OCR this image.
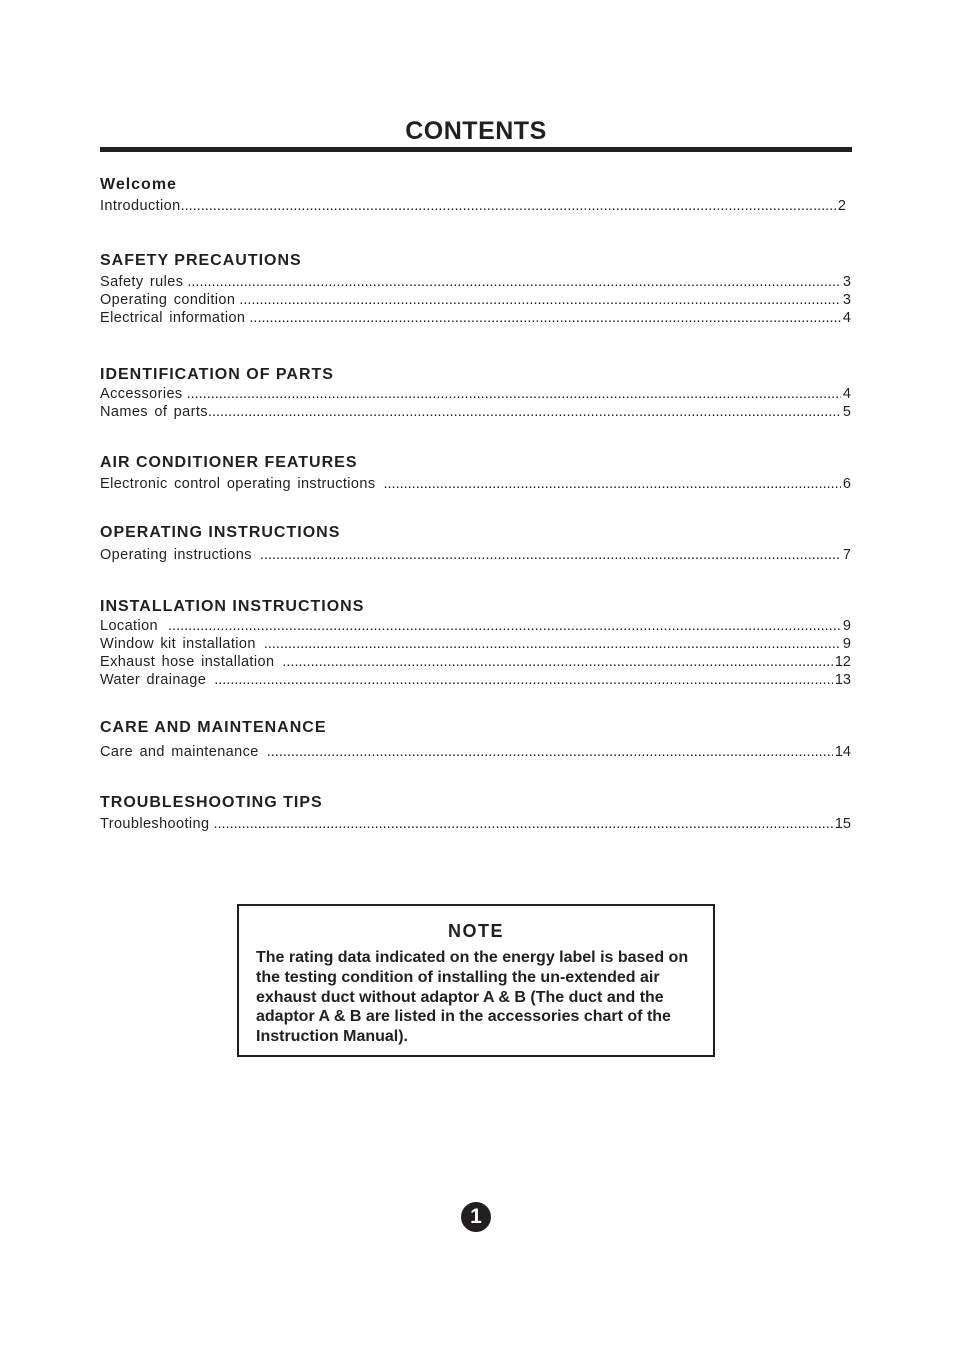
CONTENTS
Welcome
Introduction .....	2
SAFETY PRECAUTIONS
Safety rules .....	3
Operating condition .....	3
Electrical information .....	4
IDENTIFICATION OF PARTS
Accessories .....	4
Names of parts .....	5
AIR CONDITIONER FEATURES
Electronic control operating instructions .....	6
OPERATING INSTRUCTIONS
Operating instructions .....	7
INSTALLATION INSTRUCTIONS
Location .....	9
Window kit installation .....	9
Exhaust hose installation .....	12
Water drainage .....	13
CARE AND MAINTENANCE
Care and maintenance .....	14
TROUBLESHOOTING TIPS
Troubleshooting .....	15
NOTE
The rating data indicated on the energy label is based on the testing condition of installing the un-extended air exhaust duct without adaptor A & B (The duct and the adaptor A & B are listed in the accessories chart of the Instruction Manual).
1
